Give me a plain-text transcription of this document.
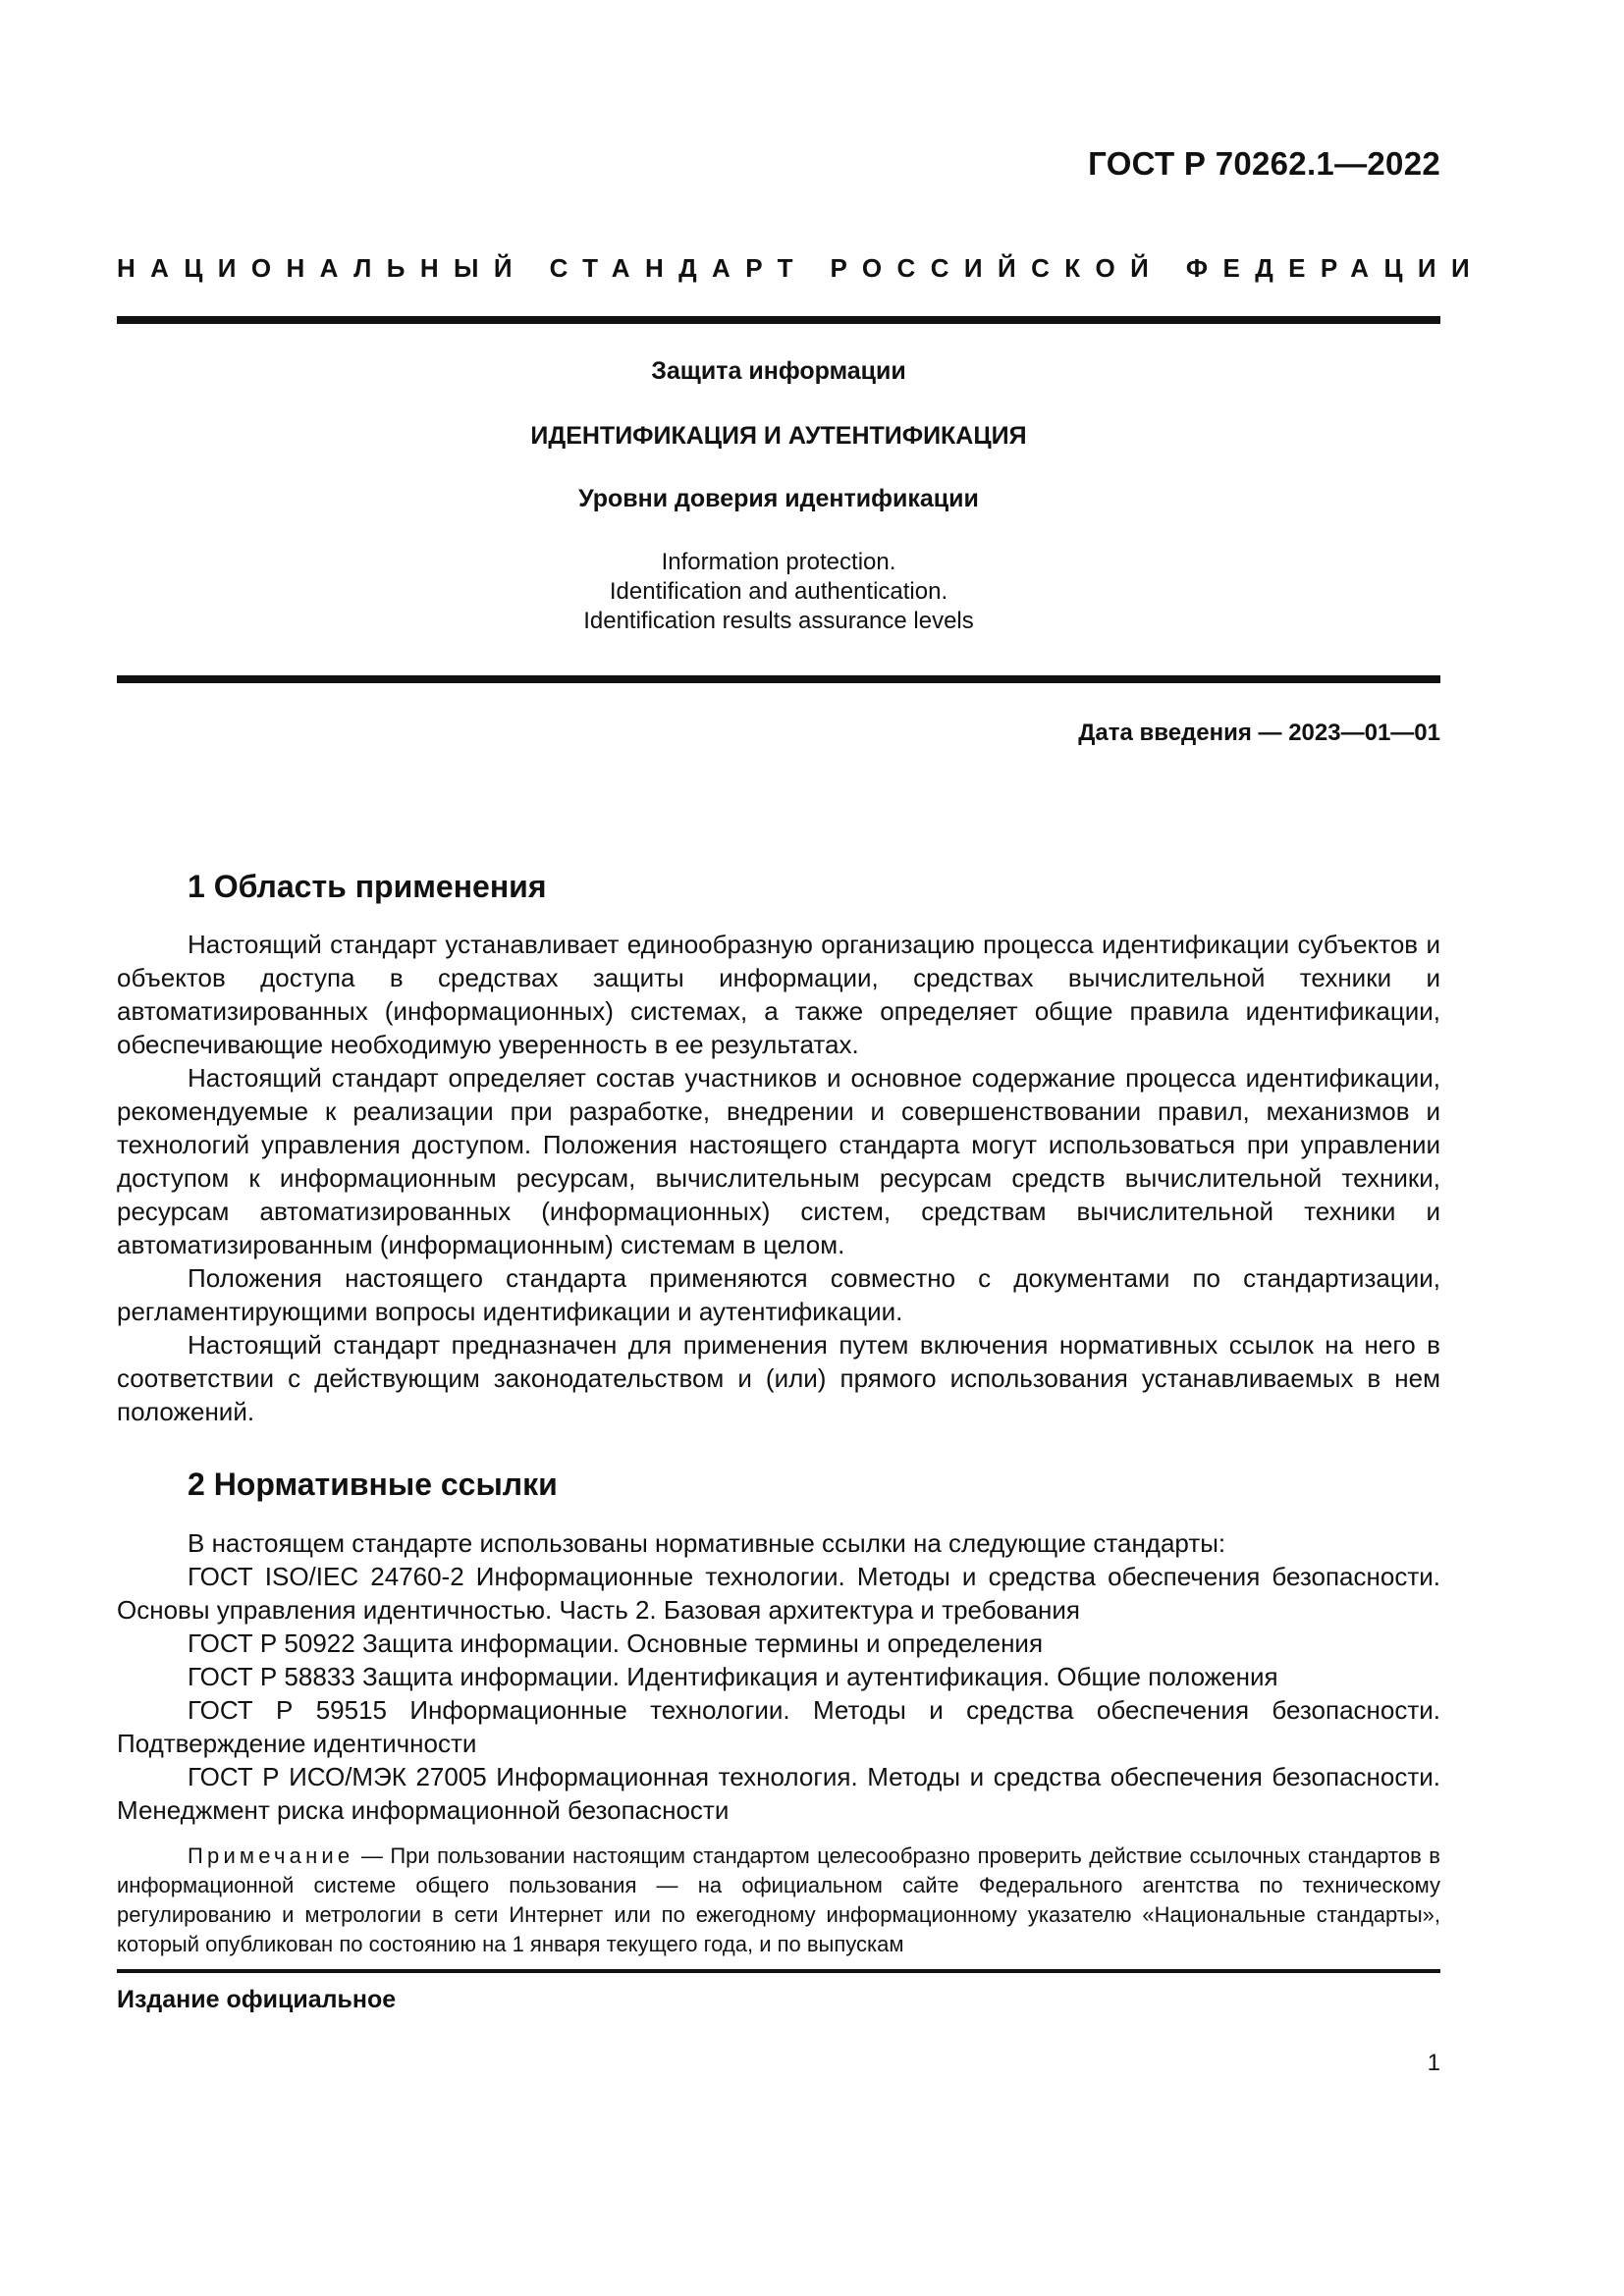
ГОСТ Р 70262.1—2022
НАЦИОНАЛЬНЫЙ СТАНДАРТ РОССИЙСКОЙ ФЕДЕРАЦИИ
Защита информации
ИДЕНТИФИКАЦИЯ И АУТЕНТИФИКАЦИЯ
Уровни доверия идентификации
Information protection.
Identification and authentication.
Identification results assurance levels
Дата введения — 2023—01—01
1 Область применения

Настоящий стандарт устанавливает единообразную организацию процесса идентификации субъектов и объектов доступа в средствах защиты информации, средствах вычислительной техники и автоматизированных (информационных) системах, а также определяет общие правила идентификации, обеспечивающие необходимую уверенность в ее результатах.

Настоящий стандарт определяет состав участников и основное содержание процесса идентификации, рекомендуемые к реализации при разработке, внедрении и совершенствовании правил, механизмов и технологий управления доступом. Положения настоящего стандарта могут использоваться при управлении доступом к информационным ресурсам, вычислительным ресурсам средств вычислительной техники, ресурсам автоматизированных (информационных) систем, средствам вычислительной техники и автоматизированным (информационным) системам в целом.

Положения настоящего стандарта применяются совместно с документами по стандартизации, регламентирующими вопросы идентификации и аутентификации.

Настоящий стандарт предназначен для применения путем включения нормативных ссылок на него в соответствии с действующим законодательством и (или) прямого использования устанавливаемых в нем положений.

2 Нормативные ссылки

В настоящем стандарте использованы нормативные ссылки на следующие стандарты:

ГОСТ ISO/IEC 24760-2 Информационные технологии. Методы и средства обеспечения безопасности. Основы управления идентичностью. Часть 2. Базовая архитектура и требования

ГОСТ Р 50922 Защита информации. Основные термины и определения

ГОСТ Р 58833 Защита информации. Идентификация и аутентификация. Общие положения

ГОСТ Р 59515 Информационные технологии. Методы и средства обеспечения безопасности. Подтверждение идентичности

ГОСТ Р ИСО/МЭК 27005 Информационная технология. Методы и средства обеспечения безопасности. Менеджмент риска информационной безопасности

Примечание — При пользовании настоящим стандартом целесообразно проверить действие ссылочных стандартов в информационной системе общего пользования — на официальном сайте Федерального агентства по техническому регулированию и метрологии в сети Интернет или по ежегодному информационному указателю «Национальные стандарты», который опубликован по состоянию на 1 января текущего года, и по выпускам

Издание официальное
1
